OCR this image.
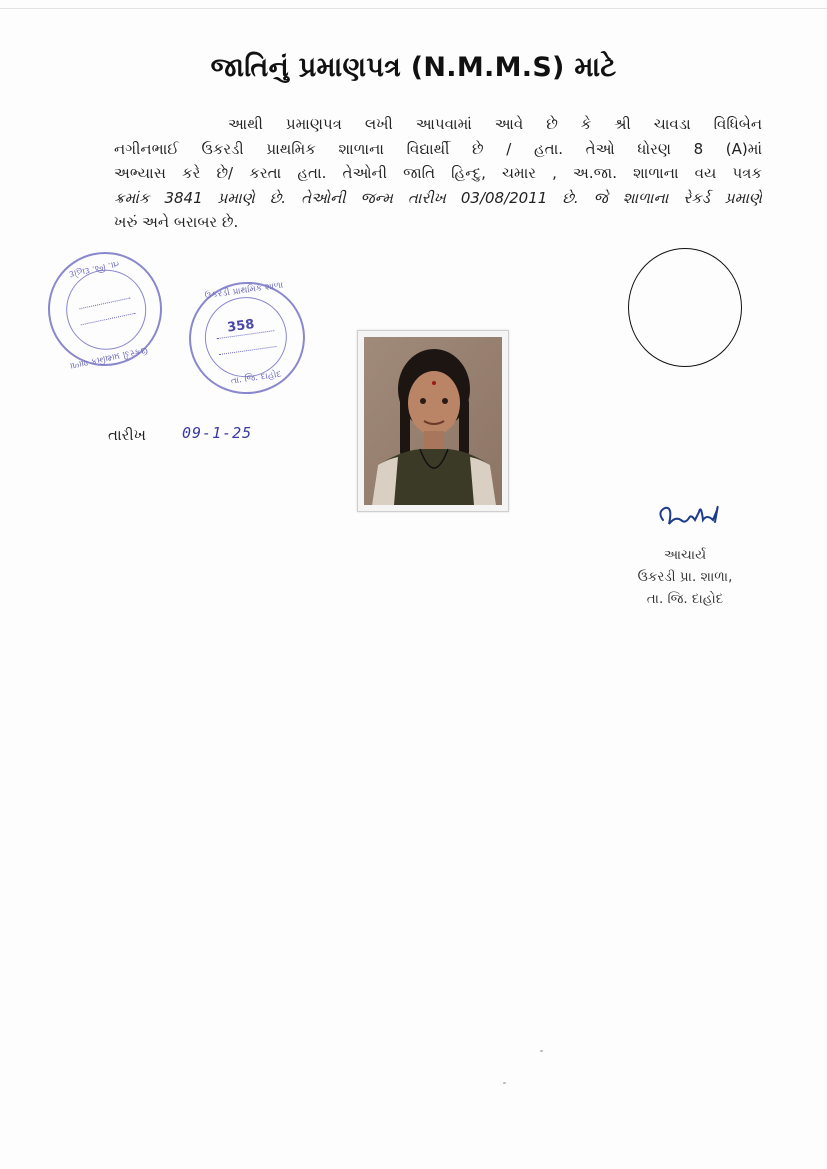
જાતિનું પ્રમાણપત્ર (N.M.M.S) માટે
આથી પ્રમાણપત્ર લખી આપવામાં આવે છે કે શ્રી ચાવડા વિધિબેન
નગીનભાઈ ઉકરડી પ્રાથમિક શાળાના વિદ્યાર્થી છે / હતા. તેઓ ધોરણ 8 (A)માં
અભ્યાસ કરે છે/ કરતા હતા. તેઓની જાતિ હિન્દુ, ચમાર , અ.જા. શાળાના વય પત્રક
ક્રમાંક 3841 પ્રમાણે છે. તેઓની જન્મ તારીખ 03/08/2011 છે. જે શાળાના રેકર્ડ પ્રમાણે
ખરું અને બરાબર છે.
ઉકરડી પ્રાથમિક શાળા
તા. જિ. દાહોદ
ઉકરડી પ્રાથમિક શાળા
તા. જિ. દાહોદ
358
તારીખ 09-1-25
આચાર્ય
ઉકરડી પ્રા. શાળા,
તા. જિ. દાહોદ
